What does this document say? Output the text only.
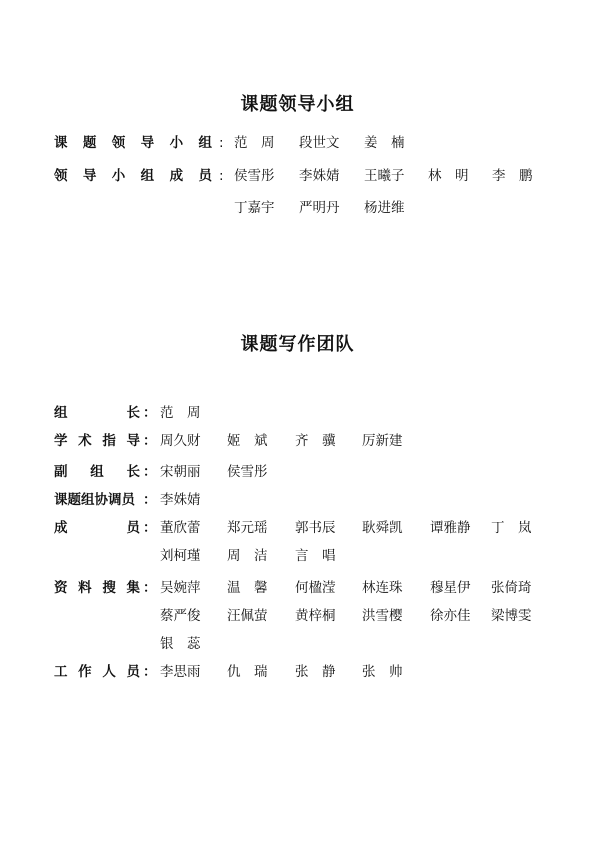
课题领导小组
课题写作团队
课 题 领 导 小 组 : 范　周 段世文 姜　楠
领 导 小 组 成 员 : 侯雪彤 李姝婧 王曦子 林　明 李　鹏
丁嘉宇 严明丹 杨进维
组	长 ： 范　周
学 术 指 导 ： 周久财 姬　斌 齐　骥 厉新建
副 组 长 ： 宋朝丽 侯雪彤
课 题 组 协 调 员 ： 李姝婧
成	员 ： 董欣蕾 郑元瑶 郭书辰 耿舜凯 谭雅静 丁　岚
刘柯瑾 周　洁 言　唱
资 料 搜 集 ： 吴婉萍 温　馨 何楹滢 林连珠 穆星伊 张倚琦
蔡严俊 汪佩萤 黄梓桐 洪雪樱 徐亦佳 梁博雯
银　蕊
工 作 人 员 ： 李思雨 仇　瑞 张　静 张　帅
